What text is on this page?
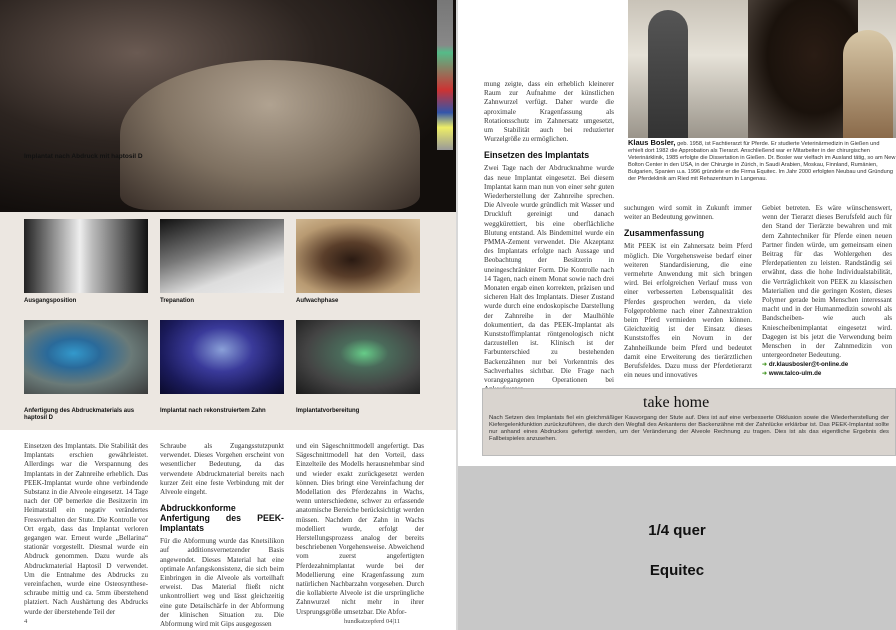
Implantat nach Abdruck mit haptosil D
Ausgangsposition	Trepanation	Aufwachphase
Anfertigung des Abdruckmaterials aus haptosil D
Implantat nach rekonstruiertem Zahn	Implantatvorbereitung

Einsetzen des Implantats. Die Stabilität des Implantats erschien gewährleistet. Allerdings war die Verspannung des Implantats in der Zahnreihe erheblich. Das PEEK-Implantat wurde ohne verbindende Substanz in die Alveole eingesetzt. 14 Tage nach der OP bemerkte die Besitzerin im Heimatstall ein negativ verändertes Fressverhalten der Stute. Die Kontrolle vor Ort ergab, dass das Implantat verloren gegangen war. Erneut wurde „Bellarina“ stationär vorgestellt. Diesmal wurde ein Abdruck genommen. Dazu wurde als Abdruckmaterial Haptosil D verwendet. Um die Entnahme des Abdrucks zu vereinfachen, wurde eine Osteosyntheseschraube mittig und ca. 5mm überstehend platziert. Nach Aushärtung des Abdrucks wurde der überstehende Teil der

Schraube als Zugangsstutzpunkt verwendet. Dieses Vorgehen erscheint von wesentlicher Bedeutung, da das verwendete Abdruckmaterial bereits nach kurzer Zeit eine feste Verbindung mit der Alveole eingeht.

Abdruckkonforme Anfertigung des PEEK-Implantats

Für die Abformung wurde das Knetsilikon auf additionsvernetzender Basis angewendet. Dieses Material hat eine optimale Anfangskonsistenz, die sich beim Einbringen in die Alveole als vorteilhaft erweist. Das Material fließt nicht unkontrolliert weg und lässt gleichzeitig eine gute Detailschärfe in der Abformung der klinischen Situation zu. Die Abformung wird mit Gips ausgegossen

und ein Sägeschnittmodell angefertigt. Das Sägeschnittmodell hat den Vorteil, dass Einzelteile des Modells herausnehmbar sind und wieder exakt zurückgesetzt werden können. Dies bringt eine Vereinfachung der Modellation des Pferdezahns in Wachs, wenn unterschiedene, schwer zu erfassende anatomische Bereiche berücksichtigt werden müssen. Nachdem der Zahn in Wachs modelliert wurde, erfolgt der Herstellungsprozess analog der bereits beschriebenen Vorgehensweise. Abweichend vom zuerst angefertigten Pferdezahnimplantat wurde bei der Modellierung eine Kragenfassung zum natürlichen Nachbarzahn vorgesehen. Durch die kollabierte Alveole ist die ursprüngliche Zahnwurzel nicht mehr in ihrer Ursprungsgröße umsetzbar. Die Abfor-

4	hundkatzepferd 04|11

mung zeigte, dass ein erheblich kleinerer Raum zur Aufnahme der künstlichen Zahnwurzel verfügt. Daher wurde die aproximale Kragenfassung als Rotationsschutz im Zahnersatz umgesetzt, um Stabilität auch bei reduzierter Wurzelgröße zu ermöglichen.

Einsetzen des Implantats

Zwei Tage nach der Abdrucknahme wurde das neue Implantat eingesetzt. Bei diesem Implantat kann man nun von einer sehr guten Wiederherstellung der Zahnreihe sprechen. Die Alveole wurde gründlich mit Wasser und Druckluft gereinigt und danach weggkürettiert, bis eine oberflächliche Blutung entstand. Als Bindemittel wurde ein PMMA-Zement verwendet. Die Akzeptanz des Implantats erfolgte nach Aussage und Beobachtung der Besitzerin in uneingeschränkter Form. Die Kontrolle nach 14 Tagen, nach einem Monat sowie nach drei Monaten ergab einen korrekten, präzisen und sicheren Halt des Implantats. Dieser Zustand wurde durch eine endoskopische Darstellung der Zahnreihe in der Maulhöhle dokumentiert, da das PEEK-Implantat als Kunststoffimplantat röntgenologisch nicht darzustellen ist. Klinisch ist der Farbunterschied zu bestehenden Backenzähnen nur bei Vorkenntnis des Sachverhaltes sichtbar. Die Frage nach vorangegangenen Operationen bei

Klaus Bosler, geb. 1958, ist Fachtierarzt für Pferde. Er studierte Veterinärmedizin in Gießen und erhielt dort 1982 die Approbation als Tierarzt. Anschließend war er Mitarbeiter in der chirurgischen Veterinärklinik, 1985 erfolgte die Dissertation in Gießen. Dr. Bosler war vielfach im Ausland tätig, so am New Bolton Center in den USA, in der Chirurgie in Zürich, in Saudi Arabien, Moskau, Finnland, Rumänien, Bulgarien, Spanien u.a. 1996 gründete er die Firma Equitec. Im Jahr 2000 erfolgten Neubau und Gründung der Pferdeklinik am Ried mit Rehazentrum in Langenau.

suchungen wird somit in Zukunft immer weiter an Bedeutung gewinnen.

Zusammenfassung

Mit PEEK ist ein Zahnersatz beim Pferd möglich. Die Vorgehensweise bedarf einer weiteren Standardisierung, die eine vermehrte Anwendung mit sich bringen wird. Bei erfolgreichen Verlauf muss von einer verbesserten Lebensqualität des Pferdes gesprochen werden, da viele Folgeprobleme nach einer Zahnextraktion beim Pferd vermieden werden können. Gleichzeitig ist der Einsatz dieses Kunststoffes ein Novum in der Zahnheilkunde beim Pferd und bedeutet damit eine Erweiterung des tierärztlichen Berufsfeldes. Dazu muss der Pferdetierarzt ein neues und innovatives

Gebiet betreten. Es wäre wünschenswert, wenn der Tierarzt dieses Berufsfeld auch für den Stand der Tierärzte bewahren und mit dem Zahntechniker für Pferde einen neuen Partner finden würde, um gemeinsam einen Beitrag für das Wohlergehen des Pferdepatienten zu leisten. Randständig sei erwähnt, dass die hohe Individualstabilität, die Verträglichkeit von PEEK zu klassischen Materialien und die geringen Kosten, dieses Polymer gerade beim Menschen interessant macht und in der Humanmedizin sowohl als Bandscheiben- wie auch als Kniescheibenimplantat eingesetzt wird. Dagegen ist bis jetzt die Verwendung beim Menschen in der Zahnmedizin von untergeordneter Bedeutung.

➜ dr.klausbosler@t-online.de
➜ www.talco-ulm.de
take home

Nach Setzen des Implantats fiel ein gleichmäßiger Kauvorgang der Stute auf. Dies ist auf eine verbesserte Okklusion sowie die Wiederherstellung der Kiefergelenkfunktion zurückzuführen, die durch den Wegfall des Ankantens der Backenzähne mit der Zahnlücke erklärbar ist. Das PEEK-Implantat sollte nur anhand eines Abdruckes gefertigt werden, um der Veränderung der Alveole Rechnung zu tragen. Dies ist als das eigentliche Ergebnis des Fallbeispieles anzusehen.

1/4 quer
Equitec
